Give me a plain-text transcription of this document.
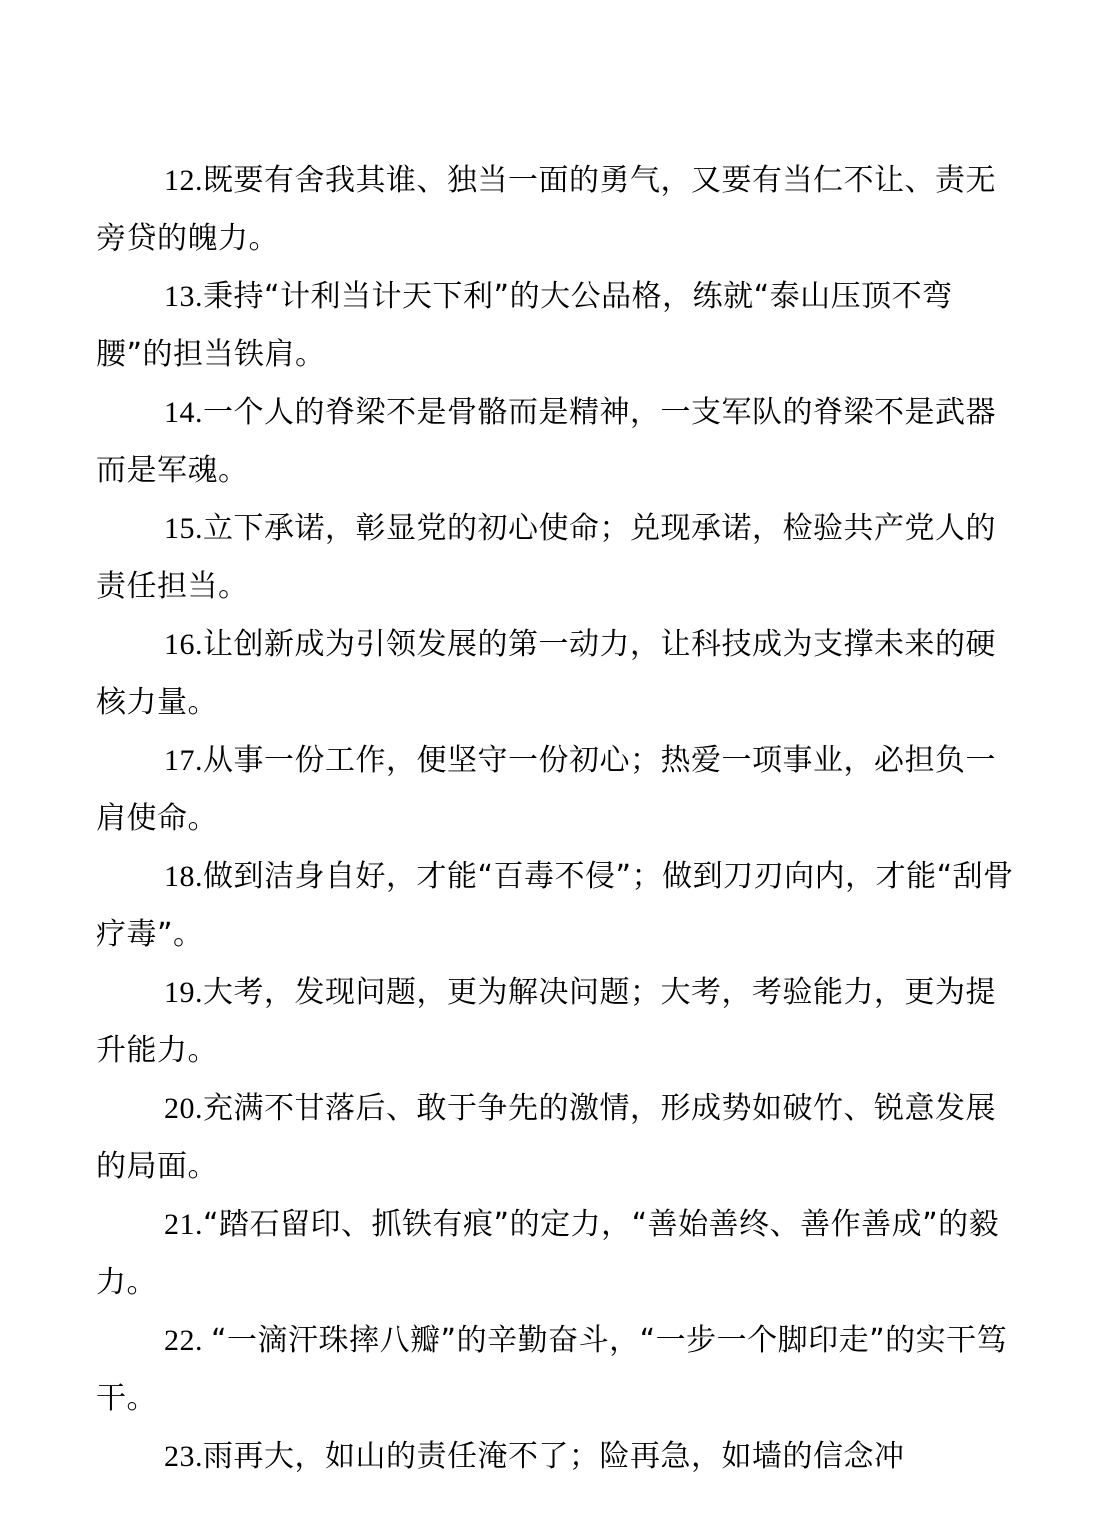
12.既要有舍我其谁、独当一面的勇气，又要有当仁不让、责无旁贷的魄力。

13.秉持“计利当计天下利”的大公品格，练就“泰山压顶不弯腰”的担当铁肩。

14.一个人的脊梁不是骨骼而是精神，一支军队的脊梁不是武器而是军魂。

15.立下承诺，彰显党的初心使命；兑现承诺，检验共产党人的责任担当。

16.让创新成为引领发展的第一动力，让科技成为支撑未来的硬核力量。

17.从事一份工作，便坚守一份初心；热爱一项事业，必担负一肩使命。

18.做到洁身自好，才能“百毒不侵”；做到刀刃向内，才能“刮骨疗毒”。

19.大考，发现问题，更为解决问题；大考，考验能力，更为提升能力。

20.充满不甘落后、敢于争先的激情，形成势如破竹、锐意发展的局面。

21.“踏石留印、抓铁有痕”的定力，“善始善终、善作善成”的毅力。

22. “一滴汗珠摔八瓣”的辛勤奋斗，“一步一个脚印走”的实干笃干。

23.雨再大，如山的责任淹不了；险再急，如墙的信念冲
